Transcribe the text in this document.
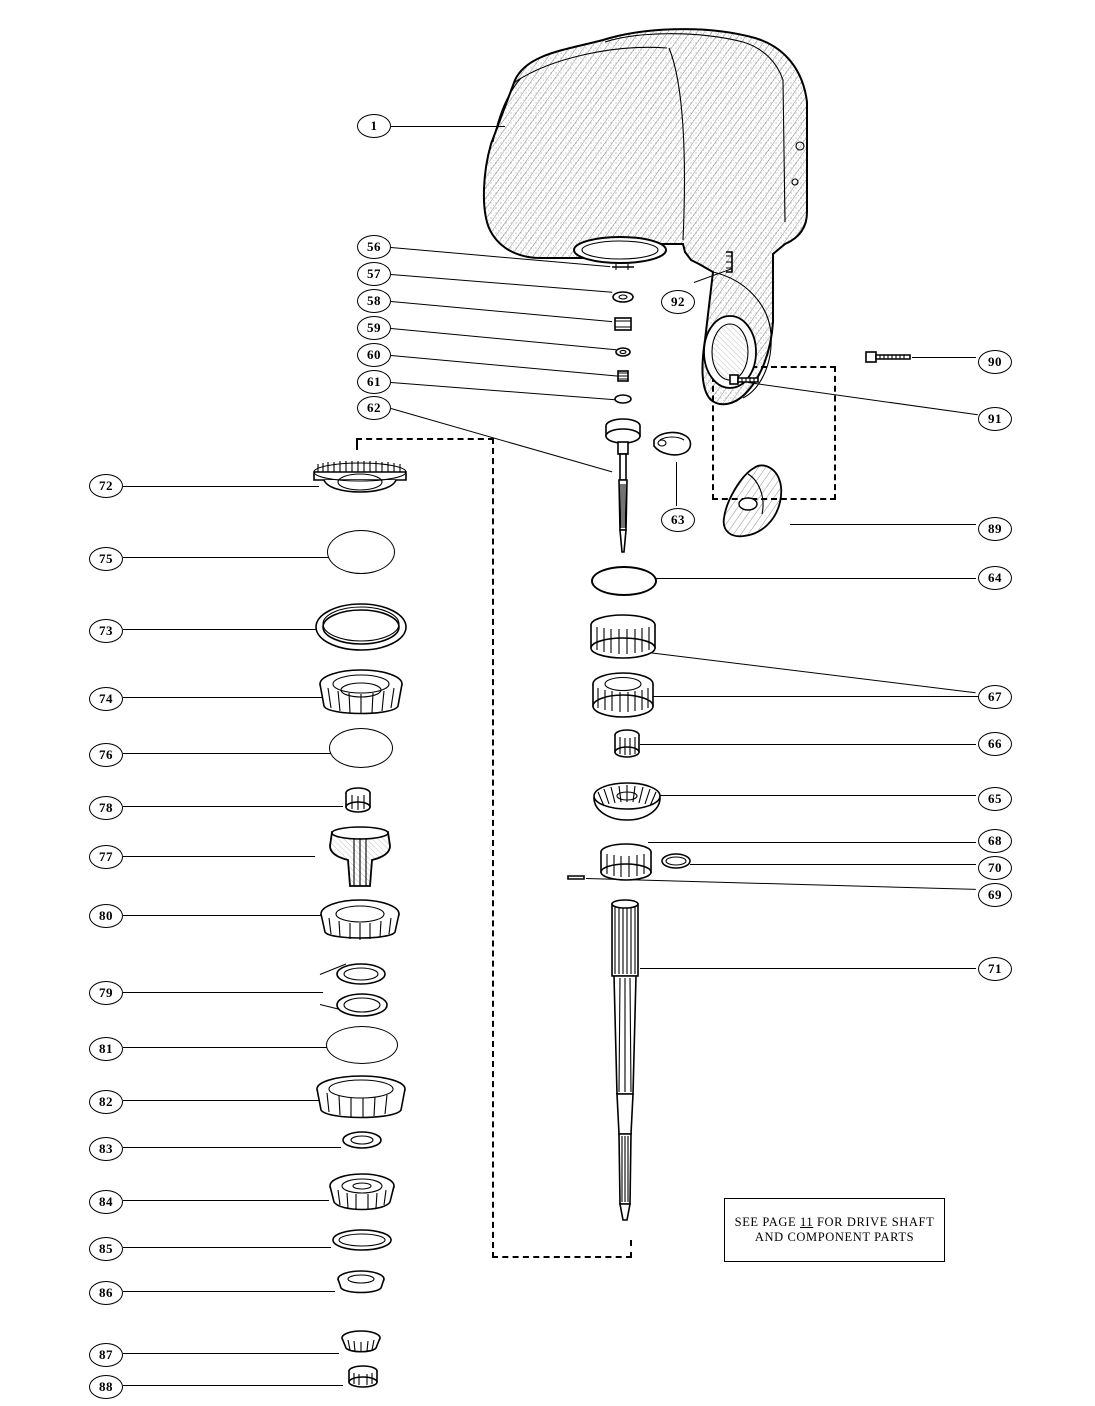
SEE PAGE 11 FOR DRIVE SHAFT
AND COMPONENT PARTS
1
56
57
58
59
60
61
62
63
64
65
66
67
68
69
70
71
72
73
74
75
76
77
78
79
80
81
82
83
84
85
86
87
88
89
90
91
92
